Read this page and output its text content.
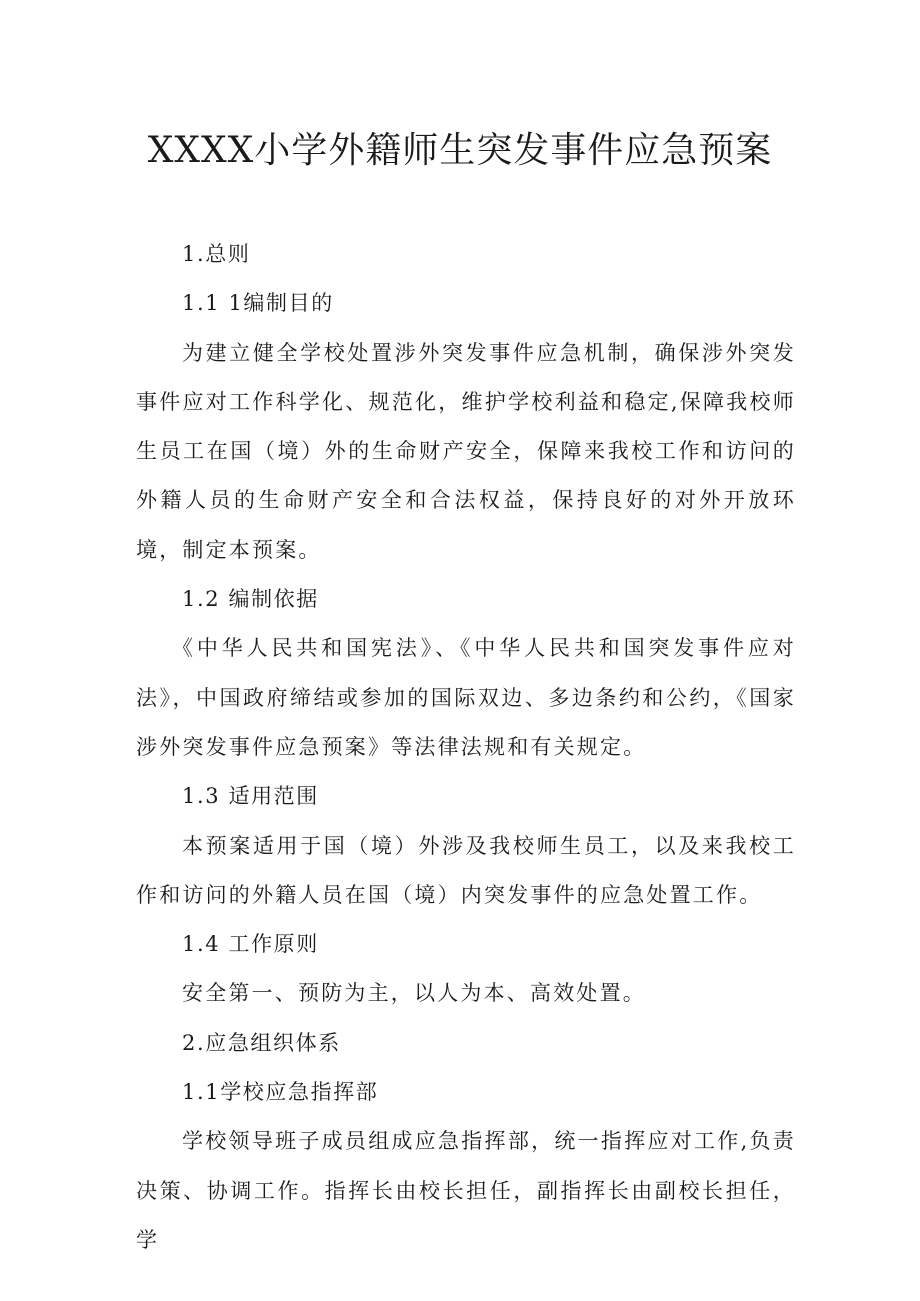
XXXX小学外籍师生突发事件应急预案

1.总则

1.1 1编制目的

为建立健全学校处置涉外突发事件应急机制，确保涉外突发事件应对工作科学化、规范化，维护学校利益和稳定,保障我校师生员工在国（境）外的生命财产安全，保障来我校工作和访问的外籍人员的生命财产安全和合法权益，保持良好的对外开放环境，制定本预案。

1.2 编制依据

《中华人民共和国宪法》、《中华人民共和国突发事件应对法》，中国政府缔结或参加的国际双边、多边条约和公约，《国家涉外突发事件应急预案》等法律法规和有关规定。

1.3 适用范围

本预案适用于国（境）外涉及我校师生员工，以及来我校工作和访问的外籍人员在国（境）内突发事件的应急处置工作。

1.4 工作原则

安全第一、预防为主，以人为本、高效处置。

2.应急组织体系

1.1学校应急指挥部

学校领导班子成员组成应急指挥部，统一指挥应对工作,负责决策、协调工作。指挥长由校长担任，副指挥长由副校长担任，学
